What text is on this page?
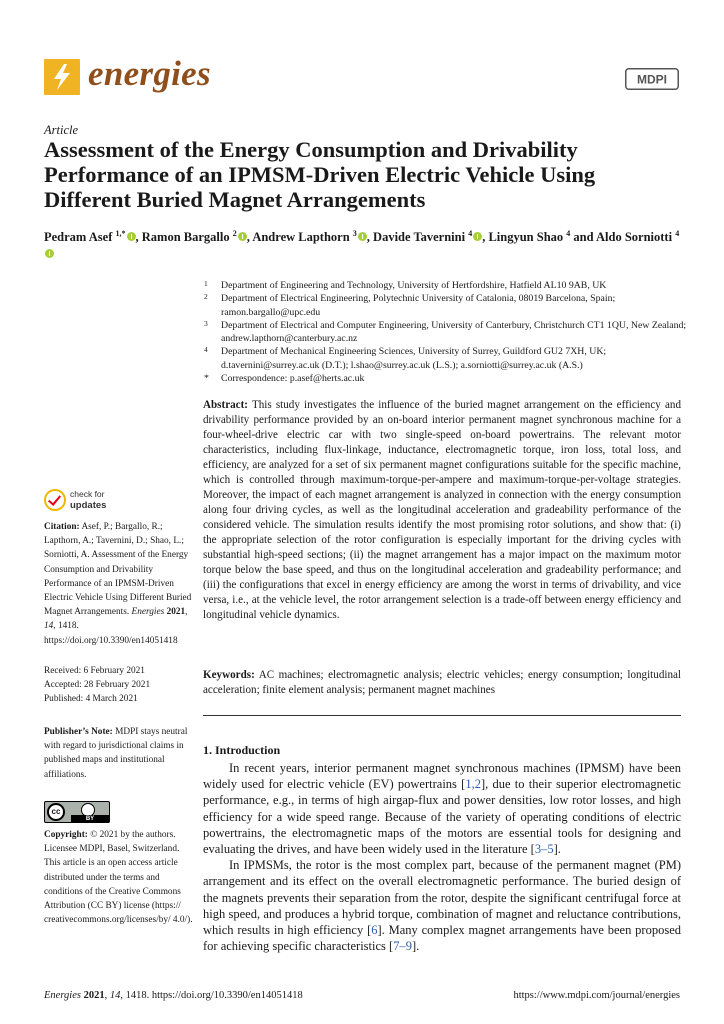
energies	MDPI
Article
Assessment of the Energy Consumption and Drivability Performance of an IPMSM-Driven Electric Vehicle Using Different Buried Magnet Arrangements
Pedram Asef $^{1,*}$ , Ramon Bargallo $^2$ , Andrew Lapthorn $^3$ , Davide Tavernini $^4$ , Lingyun Shao $^4$ and Aldo Sorniotti $^4$
1 Department of Engineering and Technology, University of Hertfordshire, Hatfield AL10 9AB, UK
2 Department of Electrical Engineering, Polytechnic University of Catalonia, 08019 Barcelona, Spain; ramon.bargallo@upc.edu
3 Department of Electrical and Computer Engineering, University of Canterbury, Christchurch CT1 1QU, New Zealand; andrew.lapthorn@canterbury.ac.nz
4 Department of Mechanical Engineering Sciences, University of Surrey, Guildford GU2 7XH, UK; d.tavernini@surrey.ac.uk (D.T.); l.shao@surrey.ac.uk (L.S.); a.sorniotti@surrey.ac.uk (A.S.)
* Correspondence: p.asef@herts.ac.uk
Abstract: This study investigates the influence of the buried magnet arrangement on the efficiency and drivability performance provided by an on-board interior permanent magnet synchronous machine for a four-wheel-drive electric car with two single-speed on-board powertrains. The relevant motor characteristics, including flux-linkage, inductance, electromagnetic torque, iron loss, total loss, and efficiency, are analyzed for a set of six permanent magnet configurations suitable for the specific machine, which is controlled through maximum-torque-per-ampere and maximum-torque-per-voltage strategies. Moreover, the impact of each magnet arrangement is analyzed in connection with the energy consumption along four driving cycles, as well as the longitudinal acceleration and gradeability performance of the considered vehicle. The simulation results identify the most promising rotor solutions, and show that: (i) the appropriate selection of the rotor configuration is especially important for the driving cycles with substantial high-speed sections; (ii) the magnet arrangement has a major impact on the maximum motor torque below the base speed, and thus on the longitudinal acceleration and gradeability performance; and (iii) the configurations that excel in energy efficiency are among the worst in terms of drivability, and vice versa, i.e., at the vehicle level, the rotor arrangement selection is a trade-off between energy efficiency and longitudinal vehicle dynamics.
Keywords: AC machines; electromagnetic analysis; electric vehicles; energy consumption; longitudinal acceleration; finite element analysis; permanent magnet machines
1. Introduction

In recent years, interior permanent magnet synchronous machines (IPMSM) have been widely used for electric vehicle (EV) powertrains [1,2], due to their superior electromagnetic performance, e.g., in terms of high airgap-flux and power densities, low rotor losses, and high efficiency for a wide speed range. Because of the variety of operating conditions of electric powertrains, the electromagnetic maps of the motors are essential tools for designing and evaluating the drives, and have been widely used in the literature [3–5].

In IPMSMs, the rotor is the most complex part, because of the permanent magnet (PM) arrangement and its effect on the overall electromagnetic performance. The buried design of the magnets prevents their separation from the rotor, despite the significant centrifugal force at high speed, and produces a hybrid torque, combination of magnet and reluctance contributions, which results in high efficiency [6]. Many complex magnet arrangements have been proposed for achieving specific characteristics [7–9].

check for
updates
Citation: Asef, P.; Bargallo, R.; Lapthorn, A.; Tavernini, D.; Shao, L.; Sorniotti, A. Assessment of the Energy Consumption and Drivability Performance of an IPMSM-Driven Electric Vehicle Using Different Buried Magnet Arrangements. Energies 2021, 14, 1418. https://doi.org/10.3390/en14051418
Received: 6 February 2021
Accepted: 28 February 2021
Published: 4 March 2021
Publisher’s Note: MDPI stays neutral with regard to jurisdictional claims in published maps and institutional affiliations.
cc
BY
Copyright: © 2021 by the authors. Licensee MDPI, Basel, Switzerland. This article is an open access article distributed under the terms and conditions of the Creative Commons Attribution (CC BY) license (https:// creativecommons.org/licenses/by/ 4.0/).
Energies 2021, 14, 1418. https://doi.org/10.3390/en14051418	https://www.mdpi.com/journal/energies
